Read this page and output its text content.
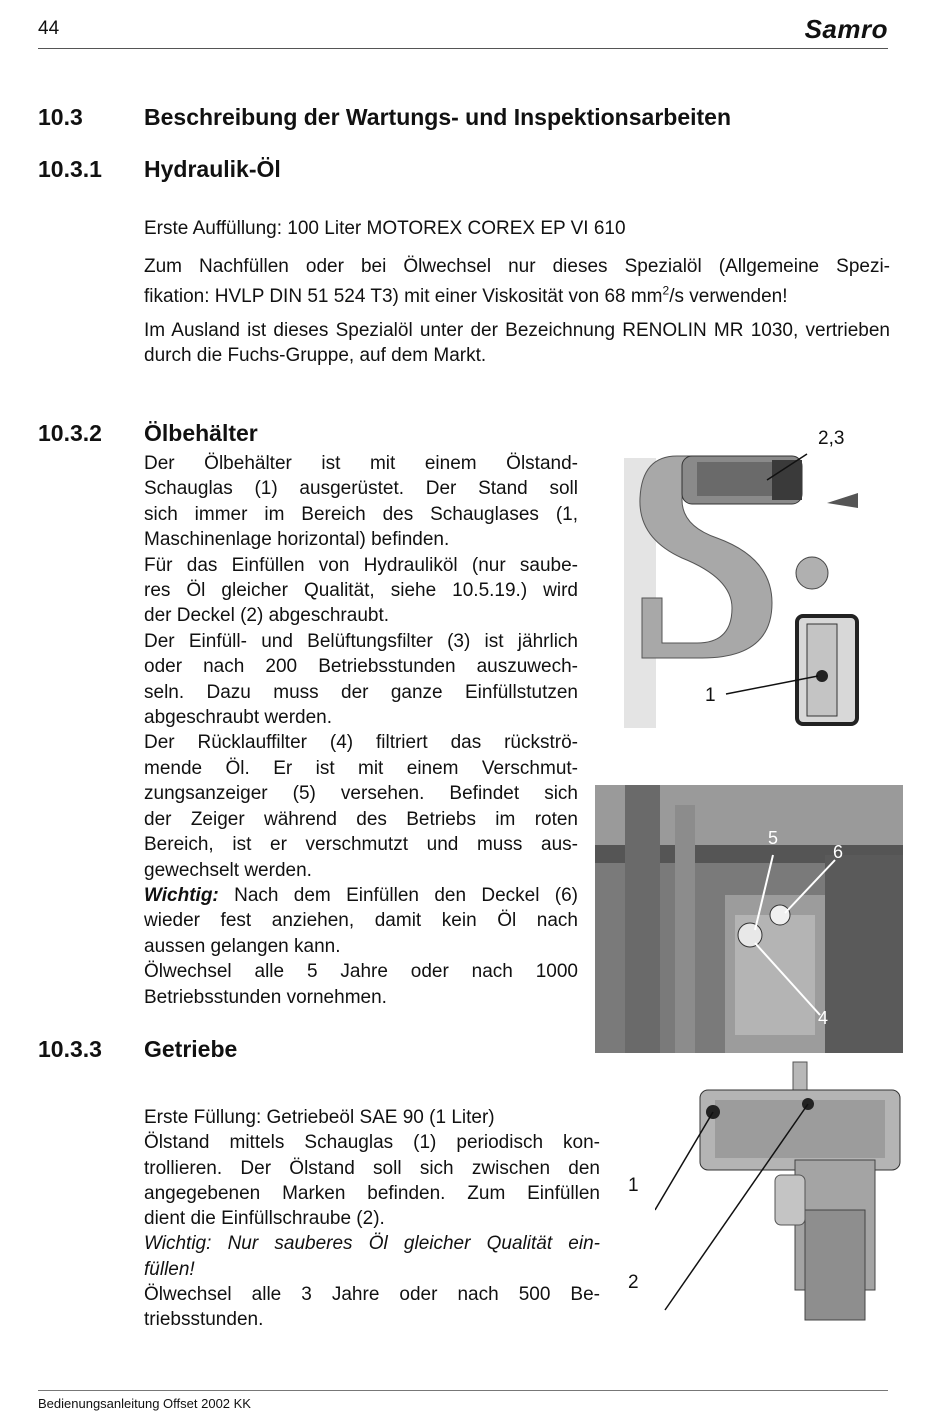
44	Samro
10.3	Beschreibung der Wartungs- und Inspektionsarbeiten
10.3.1 Hydraulik-Öl
Erste Auffüllung: 100 Liter MOTOREX COREX EP VI 610
Zum Nachfüllen oder bei Ölwechsel nur dieses Spezialöl (Allgemeine Spezi-
fikation: HVLP DIN 51 524 T3) mit einer Viskosität von 68 $mm^2/s$ verwenden!
Im Ausland ist dieses Spezialöl unter der Bezeichnung RENOLIN MR 1030, vertrieben durch die Fuchs-Gruppe, auf dem Markt.
10.3.2 Ölbehälter
Der Ölbehälter ist mit einem Ölstand-
Schauglas (1) ausgerüstet. Der Stand soll
sich immer im Bereich des Schauglases (1,
Maschinenlage horizontal) befinden.
Für das Einfüllen von Hydrauliköl (nur saube-
res Öl gleicher Qualität, siehe 10.5.19.) wird
der Deckel (2) abgeschraubt.
Der Einfüll- und Belüftungsfilter (3) ist jährlich
oder nach 200 Betriebsstunden auszuwech-
seln. Dazu muss der ganze Einfüllstutzen
abgeschraubt werden.
Der Rücklauffilter (4) filtriert das rückströ-
mende Öl. Er ist mit einem Verschmut-
zungsanzeiger (5) versehen. Befindet sich
der Zeiger während des Betriebs im roten
Bereich, ist er verschmutzt und muss aus-
gewechselt werden.
Wichtig: Nach dem Einfüllen den Deckel (6)
wieder fest anziehen, damit kein Öl nach
aussen gelangen kann.
Ölwechsel alle 5 Jahre oder nach 1000
Betriebsstunden vornehmen.
2,3
1
5
6
4
10.3.3 Getriebe
Erste Füllung: Getriebeöl SAE 90 (1 Liter)
Ölstand mittels Schauglas (1) periodisch kon-
trollieren. Der Ölstand soll sich zwischen den
angegebenen Marken befinden. Zum Einfüllen
dient die Einfüllschraube (2).
Wichtig: Nur sauberes Öl gleicher Qualität ein-
füllen!
Ölwechsel alle 3 Jahre oder nach 500 Be-
triebsstunden.
1
2
Bedienungsanleitung Offset 2002 KK
